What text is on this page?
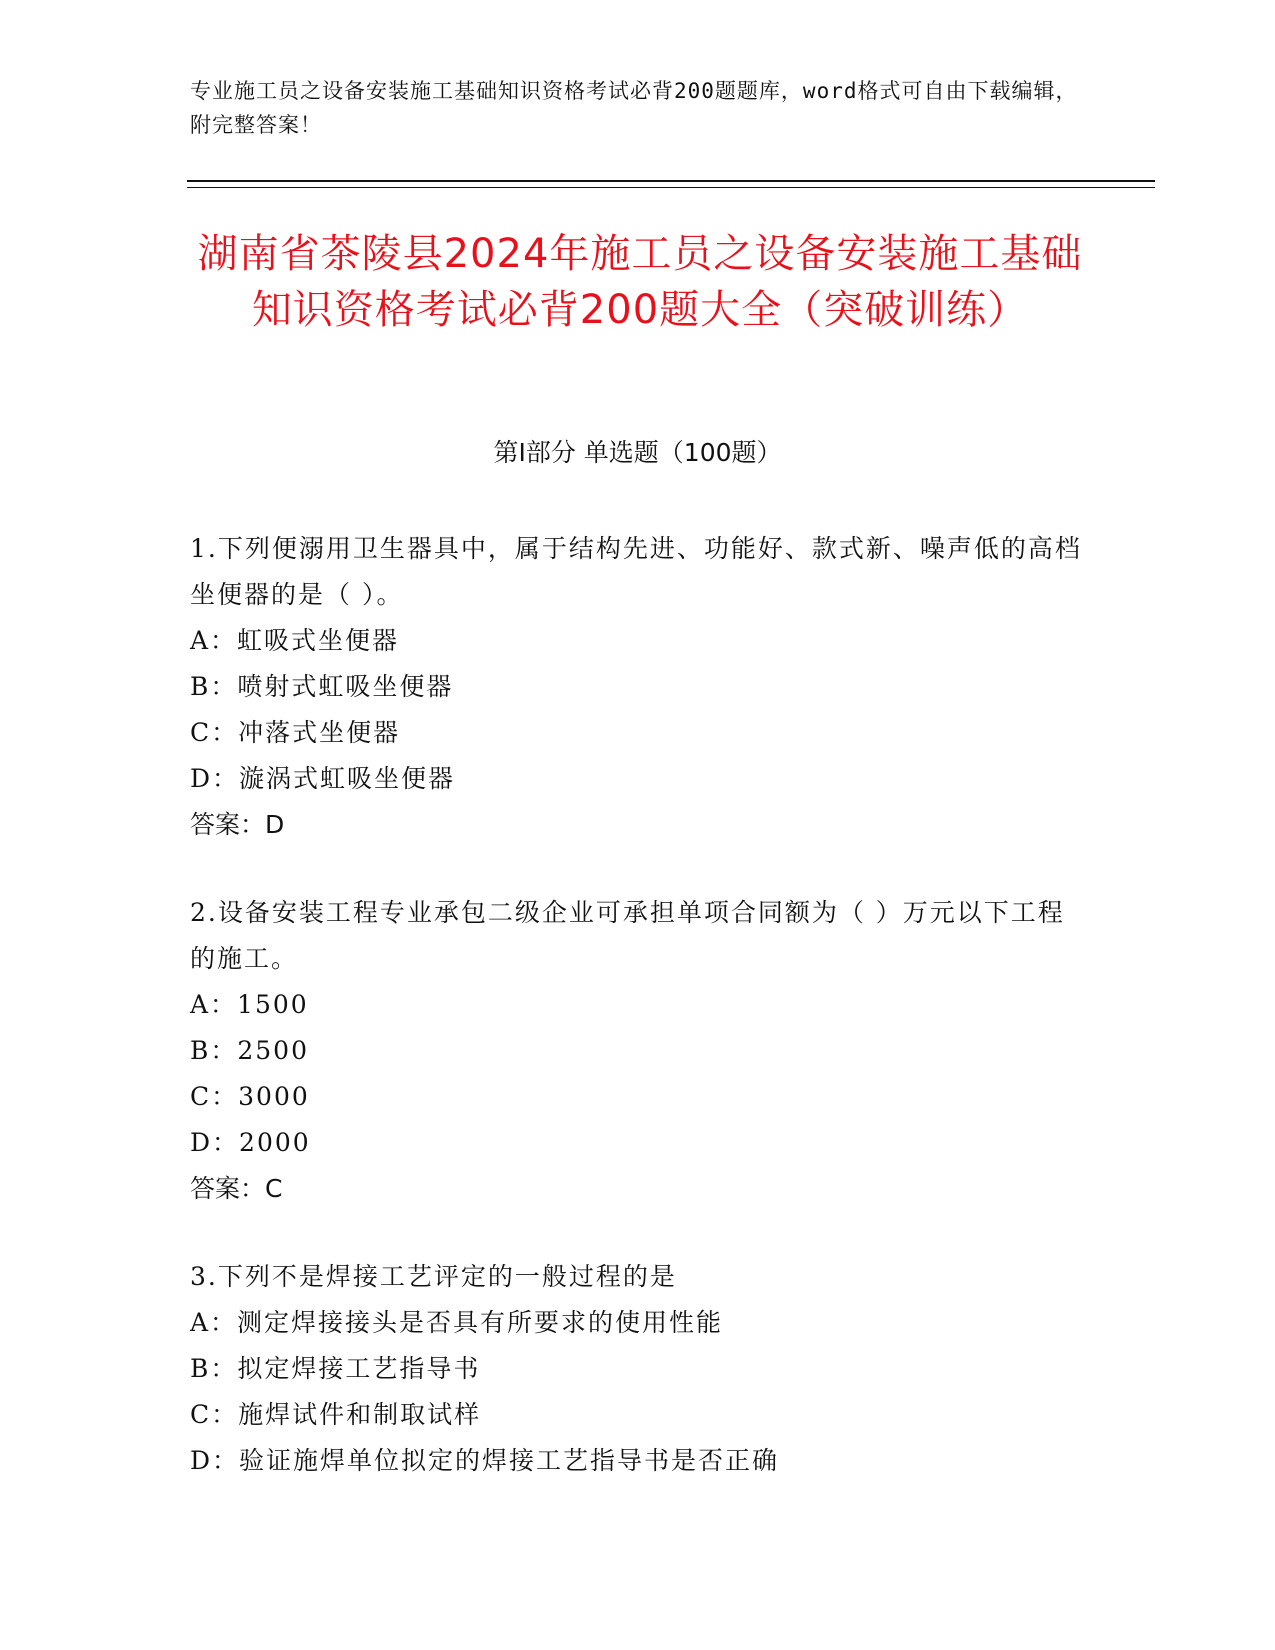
专业施工员之设备安装施工基础知识资格考试必背200题题库，word格式可自由下载编辑，附完整答案！
湖南省茶陵县2024年施工员之设备安装施工基础知识资格考试必背200题大全（突破训练）
第I部分 单选题（100题）
1.下列便溺用卫生器具中，属于结构先进、功能好、款式新、噪声低的高档坐便器的是（ ）。
A：虹吸式坐便器
B：喷射式虹吸坐便器
C：冲落式坐便器
D：漩涡式虹吸坐便器
答案：D
2.设备安装工程专业承包二级企业可承担单项合同额为（ ）万元以下工程的施工。
A：1500
B：2500
C：3000
D：2000
答案：C
3.下列不是焊接工艺评定的一般过程的是
A：测定焊接接头是否具有所要求的使用性能
B：拟定焊接工艺指导书
C：施焊试件和制取试样
D：验证施焊单位拟定的焊接工艺指导书是否正确
